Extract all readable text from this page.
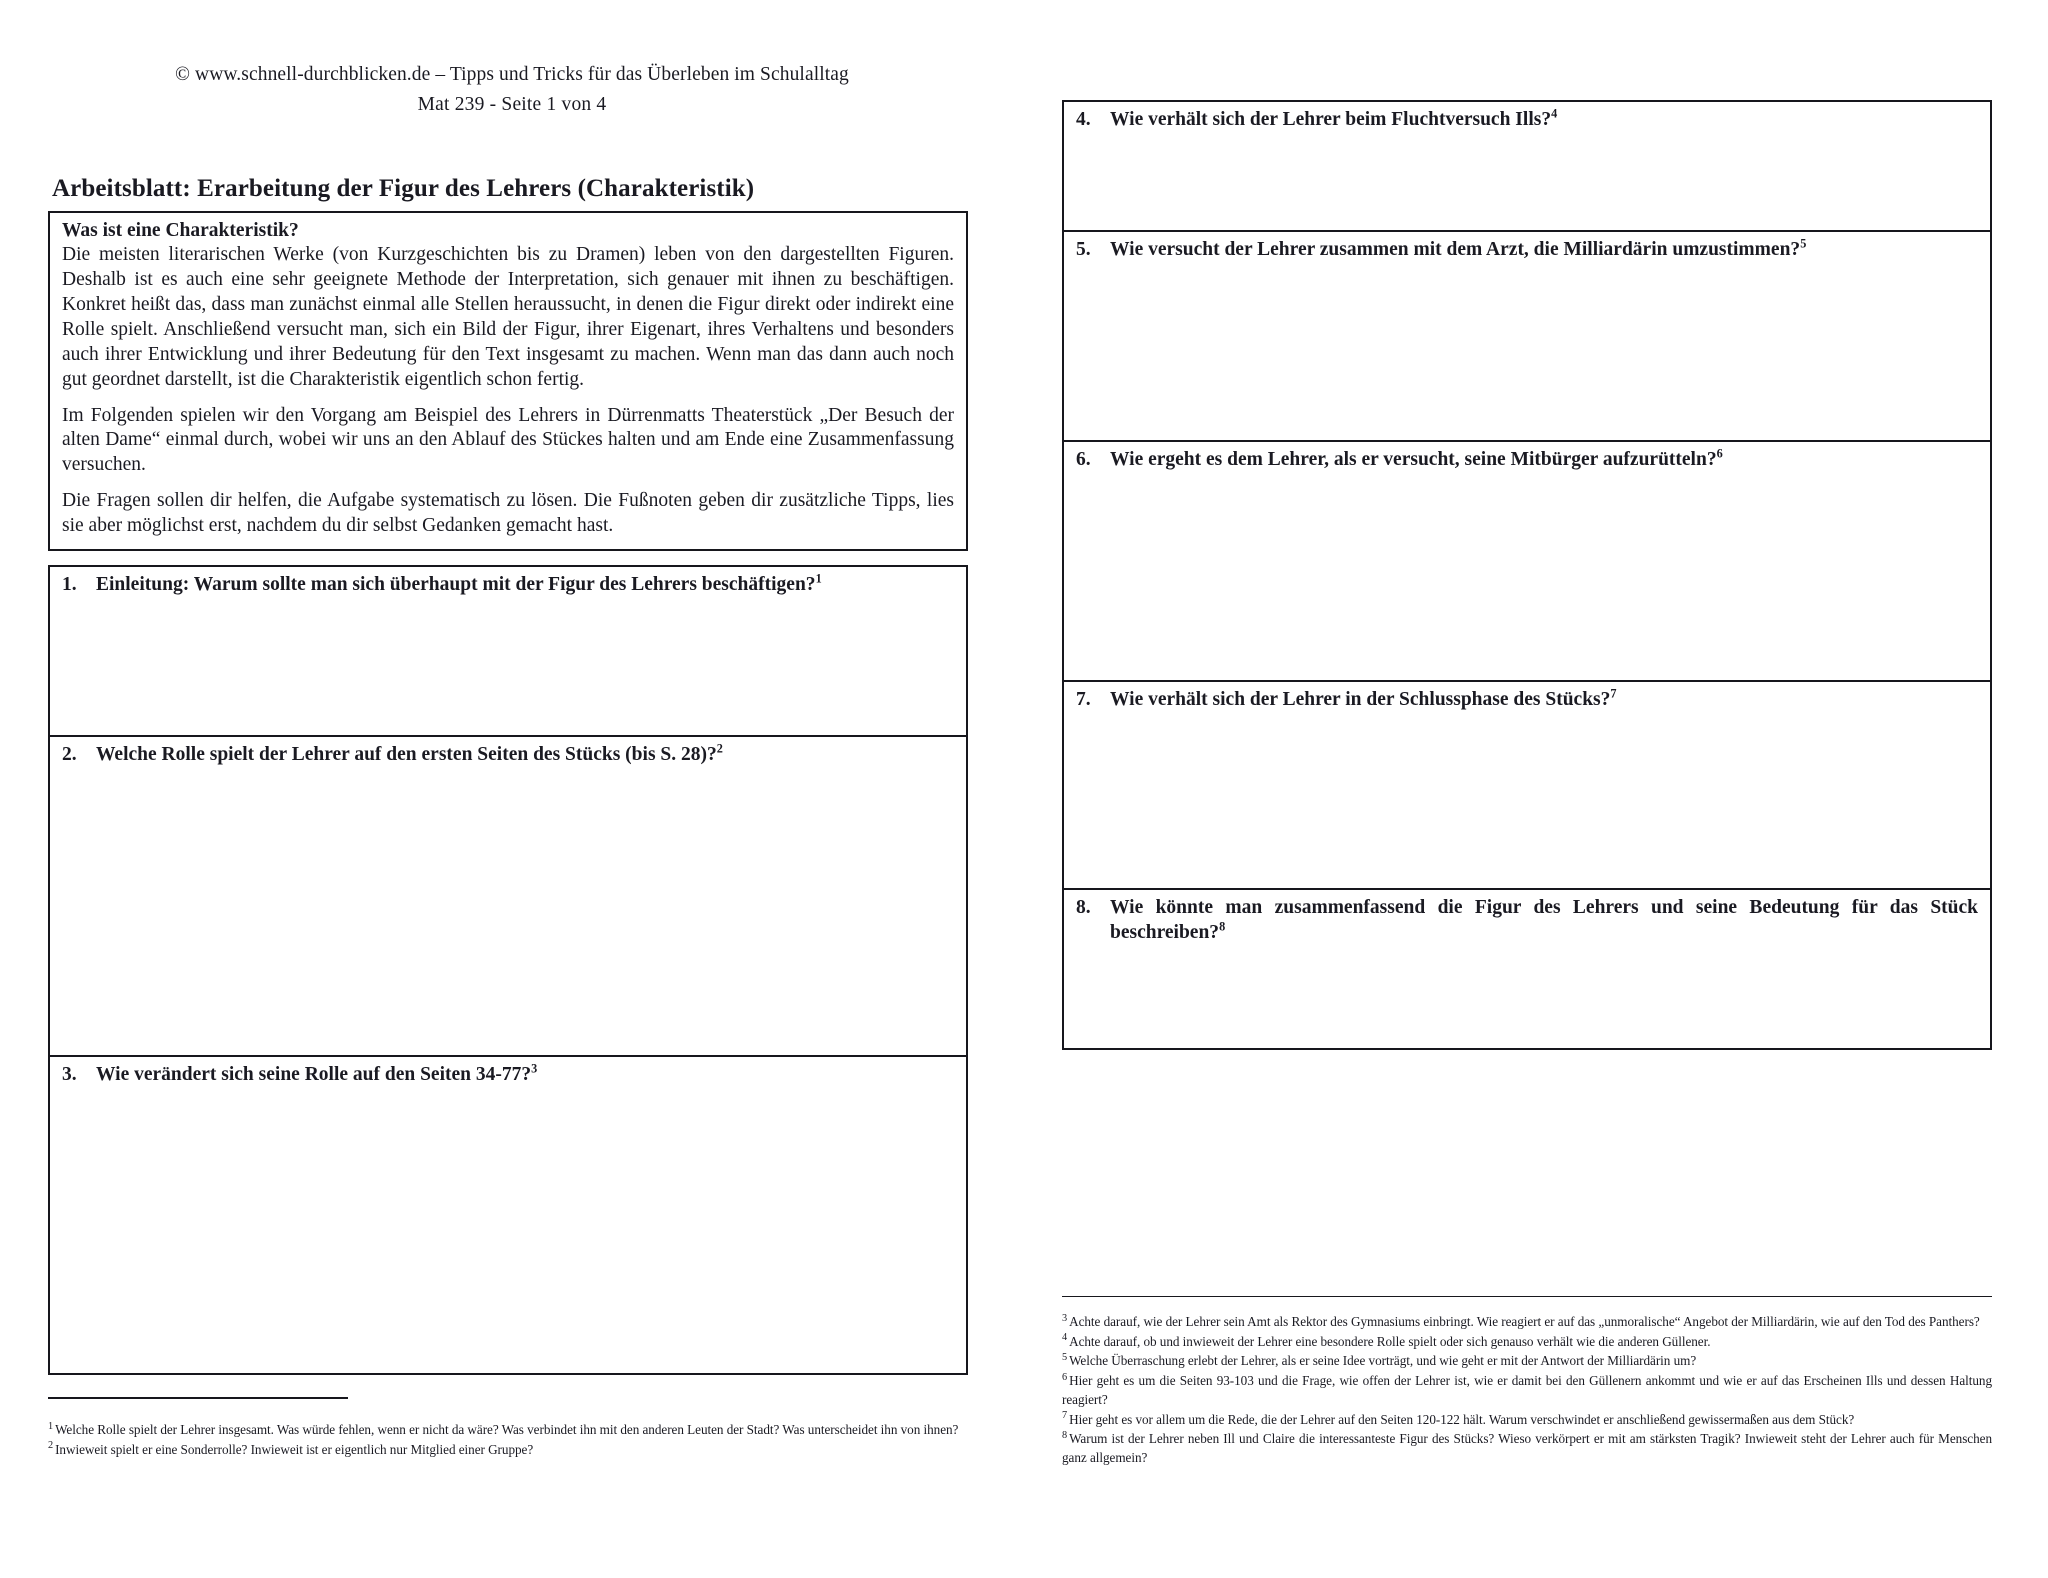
© www.schnell-durchblicken.de – Tipps und Tricks für das Überleben im Schulalltag
Mat 239 - Seite 1 von 4
Arbeitsblatt: Erarbeitung der Figur des Lehrers (Charakteristik)
Was ist eine Charakteristik?

Die meisten literarischen Werke (von Kurzgeschichten bis zu Dramen) leben von den dargestellten Figuren. Deshalb ist es auch eine sehr geeignete Methode der Interpretation, sich genauer mit ihnen zu beschäftigen. Konkret heißt das, dass man zunächst einmal alle Stellen heraussucht, in denen die Figur direkt oder indirekt eine Rolle spielt. Anschließend versucht man, sich ein Bild der Figur, ihrer Eigenart, ihres Verhaltens und besonders auch ihrer Entwicklung und ihrer Bedeutung für den Text insgesamt zu machen. Wenn man das dann auch noch gut geordnet darstellt, ist die Charakteristik eigentlich schon fertig.

Im Folgenden spielen wir den Vorgang am Beispiel des Lehrers in Dürrenmatts Theaterstück „Der Besuch der alten Dame“ einmal durch, wobei wir uns an den Ablauf des Stückes halten und am Ende eine Zusammenfassung versuchen.

Die Fragen sollen dir helfen, die Aufgabe systematisch zu lösen. Die Fußnoten geben dir zusätzliche Tipps, lies sie aber möglichst erst, nachdem du dir selbst Gedanken gemacht hast.

1. Einleitung: Warum sollte man sich überhaupt mit der Figur des Lehrers beschäftigen?$^1$
2. Welche Rolle spielt der Lehrer auf den ersten Seiten des Stücks (bis S. 28)?$^2$
3. Wie verändert sich seine Rolle auf den Seiten 34-77?$^3$

$^1$ Welche Rolle spielt der Lehrer insgesamt. Was würde fehlen, wenn er nicht da wäre? Was verbindet ihn mit den anderen Leuten der Stadt? Was unterscheidet ihn von ihnen?

$^2$ Inwieweit spielt er eine Sonderrolle? Inwieweit ist er eigentlich nur Mitglied einer Gruppe?

4. Wie verhält sich der Lehrer beim Fluchtversuch Ills?$^4$
5. Wie versucht der Lehrer zusammen mit dem Arzt, die Milliardärin umzustimmen?$^5$
6. Wie ergeht es dem Lehrer, als er versucht, seine Mitbürger aufzurütteln?$^6$
7. Wie verhält sich der Lehrer in der Schlussphase des Stücks?$^7$
8. Wie könnte man zusammenfassend die Figur des Lehrers und seine Bedeutung für das Stück beschreiben?$^8$

$^3$ Achte darauf, wie der Lehrer sein Amt als Rektor des Gymnasiums einbringt. Wie reagiert er auf das „unmoralische“ Angebot der Milliardärin, wie auf den Tod des Panthers?

$^4$ Achte darauf, ob und inwieweit der Lehrer eine besondere Rolle spielt oder sich genauso verhält wie die anderen Güllener.

$^5$ Welche Überraschung erlebt der Lehrer, als er seine Idee vorträgt, und wie geht er mit der Antwort der Milliardärin um?

$^6$ Hier geht es um die Seiten 93-103 und die Frage, wie offen der Lehrer ist, wie er damit bei den Güllenern ankommt und wie er auf das Erscheinen Ills und dessen Haltung reagiert?

$^7$ Hier geht es vor allem um die Rede, die der Lehrer auf den Seiten 120-122 hält. Warum verschwindet er anschließend gewissermaßen aus dem Stück?

$^8$ Warum ist der Lehrer neben Ill und Claire die interessanteste Figur des Stücks? Wieso verkörpert er mit am stärksten Tragik? Inwieweit steht der Lehrer auch für Menschen ganz allgemein?
